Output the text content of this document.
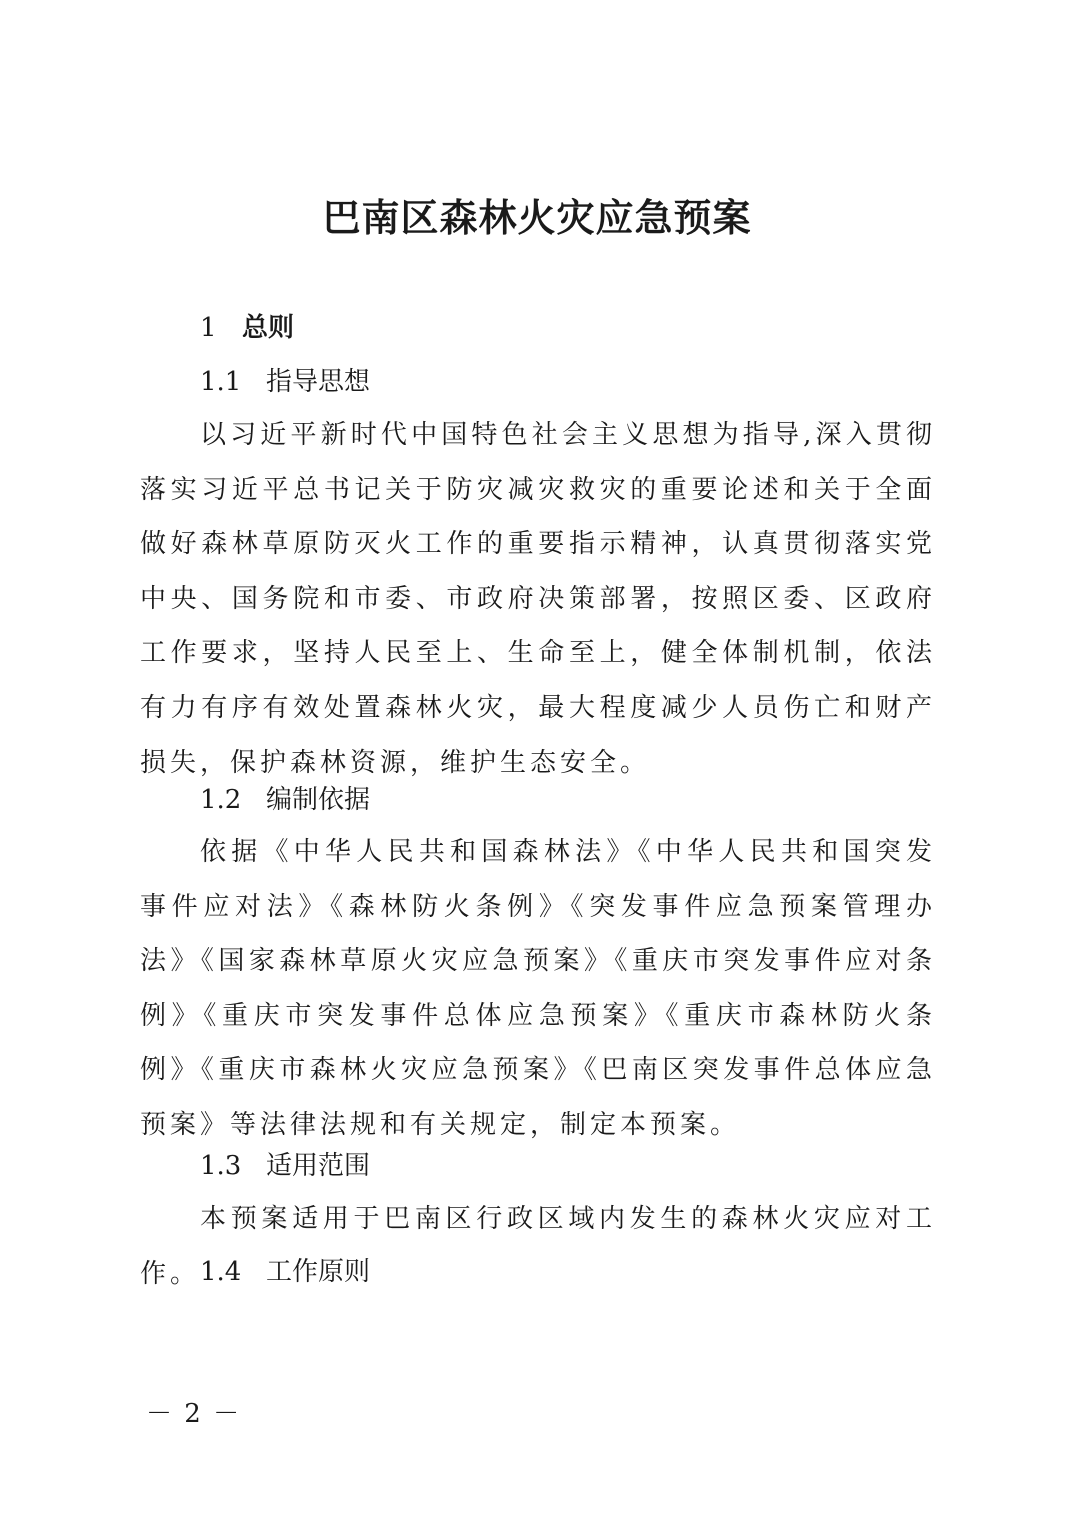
巴南区森林火灾应急预案
1 总则
1.1 指导思想

以习近平新时代中国特色社会主义思想为指导,深入贯彻落实习近平总书记关于防灾减灾救灾的重要论述和关于全面做好森林草原防灭火工作的重要指示精神，认真贯彻落实党中央、国务院和市委、市政府决策部署，按照区委、区政府工作要求，坚持人民至上、生命至上，健全体制机制，依法有力有序有效处置森林火灾，最大程度减少人员伤亡和财产损失，保护森林资源，维护生态安全。

1.2 编制依据

依据《中华人民共和国森林法》《中华人民共和国突发事件应对法》《森林防火条例》《突发事件应急预案管理办法》《国家森林草原火灾应急预案》《重庆市突发事件应对条例》《重庆市突发事件总体应急预案》《重庆市森林防火条例》《重庆市森林火灾应急预案》《巴南区突发事件总体应急预案》等法律法规和有关规定，制定本预案。

1.3 适用范围

本预案适用于巴南区行政区域内发生的森林火灾应对工作。 1.4 工作原则
－ 2 －
